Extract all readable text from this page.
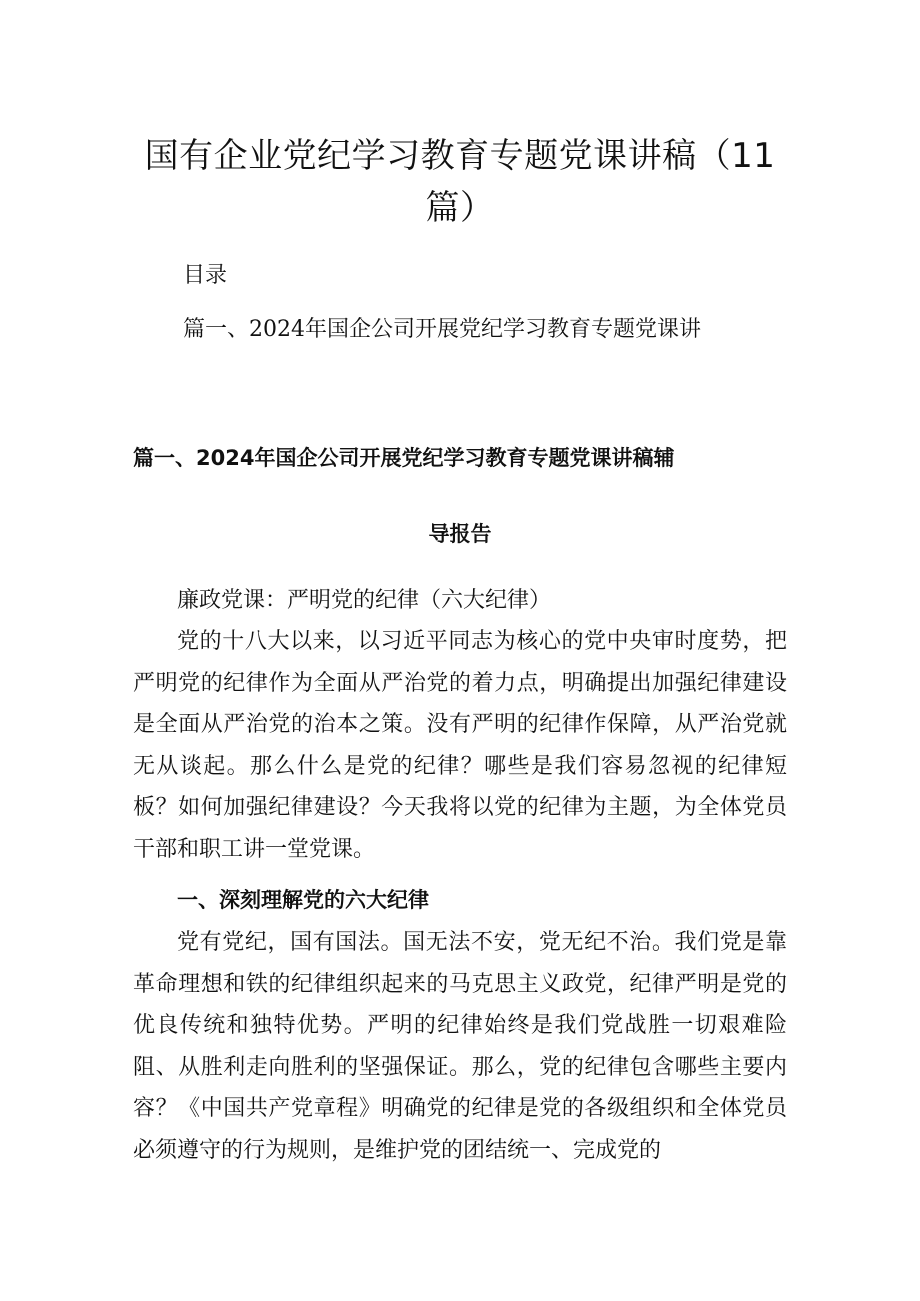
国有企业党纪学习教育专题党课讲稿（11篇）
目录
篇一、2024年国企公司开展党纪学习教育专题党课讲
篇一、2024年国企公司开展党纪学习教育专题党课讲稿辅
导报告

廉政党课：严明党的纪律（六大纪律）

党的十八大以来，以习近平同志为核心的党中央审时度势，把严明党的纪律作为全面从严治党的着力点，明确提出加强纪律建设是全面从严治党的治本之策。没有严明的纪律作保障，从严治党就无从谈起。那么什么是党的纪律？哪些是我们容易忽视的纪律短板？如何加强纪律建设？今天我将以党的纪律为主题，为全体党员干部和职工讲一堂党课。

一、深刻理解党的六大纪律

党有党纪，国有国法。国无法不安，党无纪不治。我们党是靠革命理想和铁的纪律组织起来的马克思主义政党，纪律严明是党的优良传统和独特优势。严明的纪律始终是我们党战胜一切艰难险阻、从胜利走向胜利的坚强保证。那么，党的纪律包含哪些主要内容？《中国共产党章程》明确党的纪律是党的各级组织和全体党员必须遵守的行为规则，是维护党的团结统一、完成党的
